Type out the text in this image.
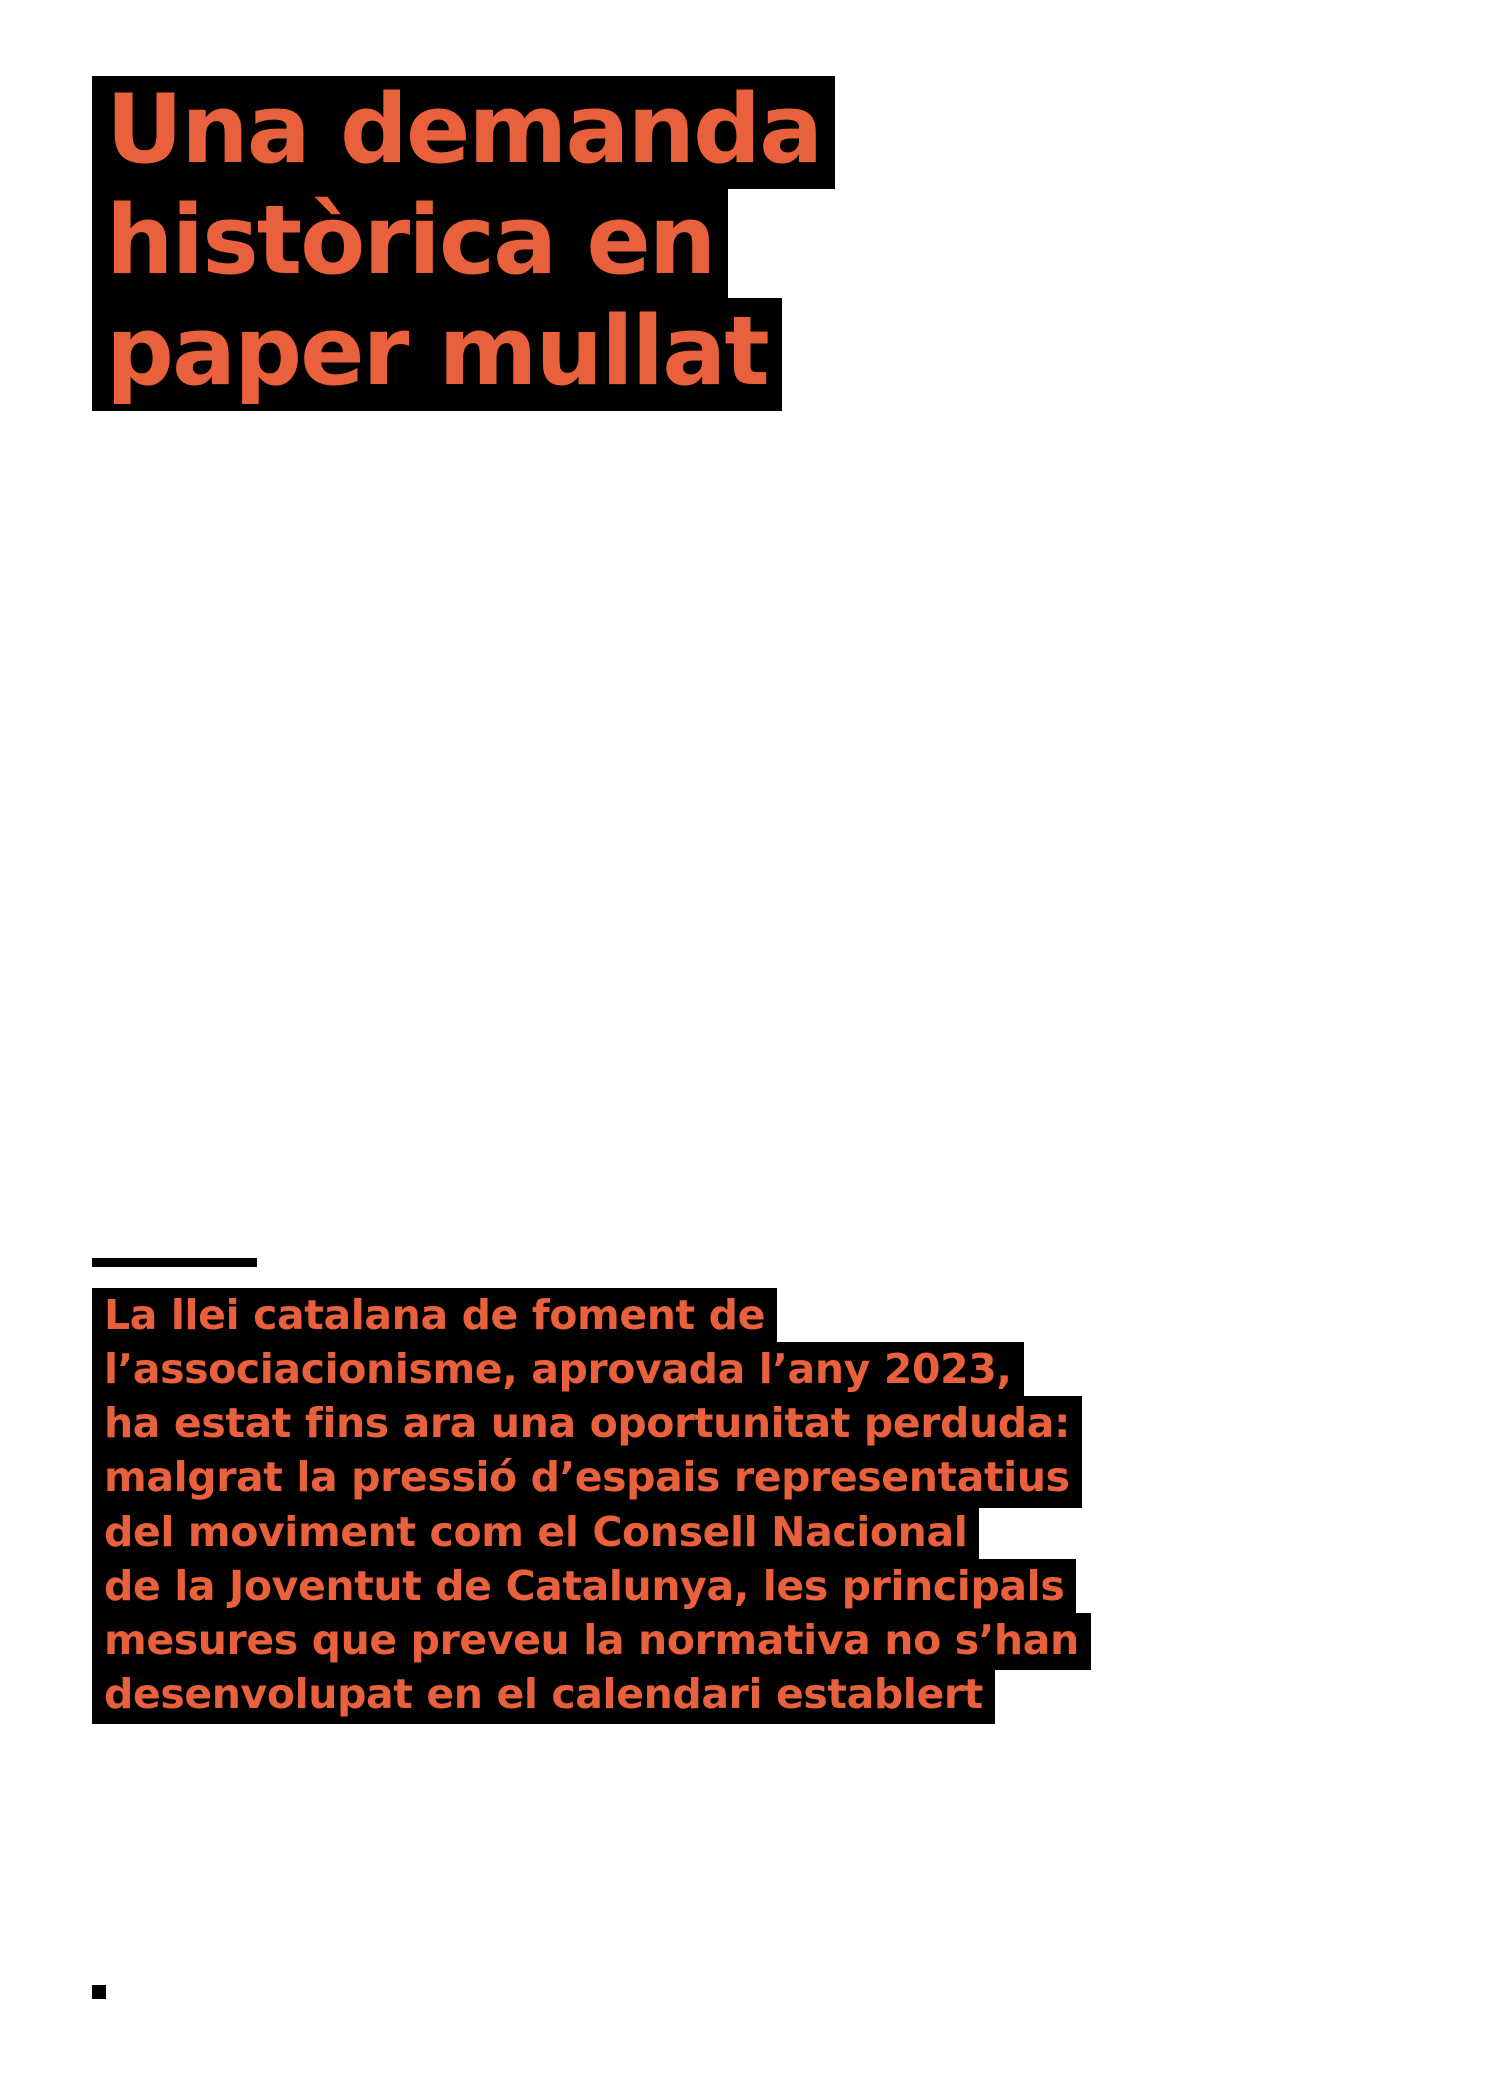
Una demanda
històrica en
paper mullat
La llei catalana de foment de
l’associacionisme, aprovada l’any 2023,
ha estat fins ara una oportunitat perduda:
malgrat la pressió d’espais representatius
del moviment com el Consell Nacional
de la Joventut de Catalunya, les principals
mesures que preveu la normativa no s’han
desenvolupat en el calendari establert
